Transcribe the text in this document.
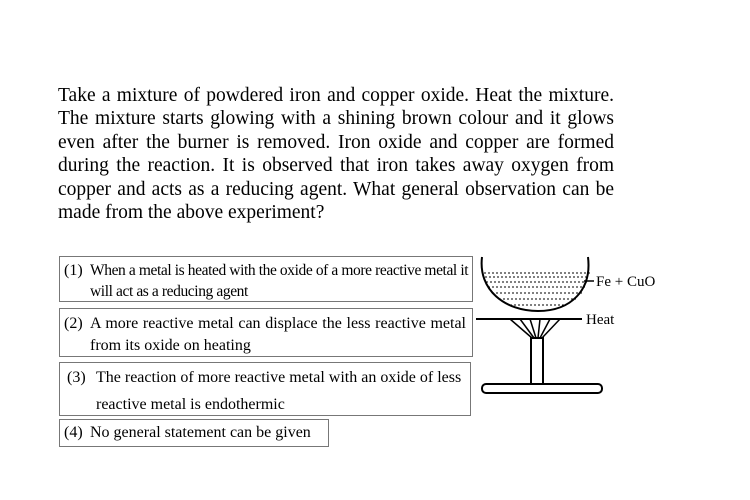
Take a mixture of powdered iron and copper oxide. Heat the mixture. The mixture starts glowing with a shining brown colour and it glows even after the burner is removed. Iron oxide and copper are formed during the reaction. It is observed that iron takes away oxygen from copper and acts as a reducing agent. What general observation can be made from the above experiment?
(1) When a metal is heated with the oxide of a more reactive metal it will act as a reducing agent
(2) A more reactive metal can displace the less reactive metal from its oxide on heating
(3) The reaction of more reactive metal with an oxide of less reactive metal is endothermic
(4) No general statement can be given
Fe + CuO
Heat
